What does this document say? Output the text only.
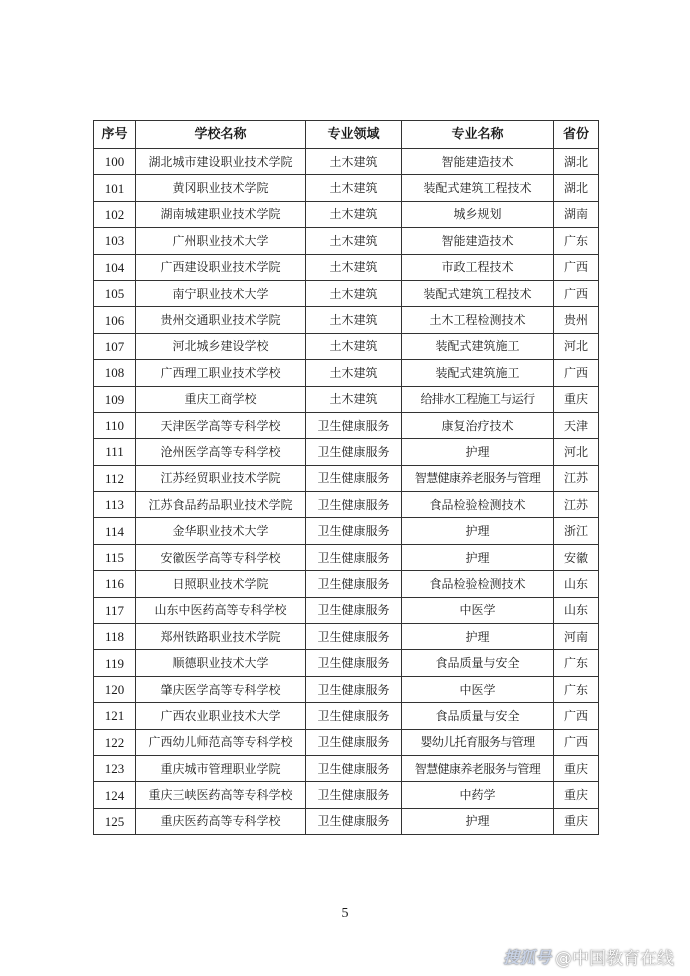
序号	学校名称	专业领域	专业名称	省份
100	湖北城市建设职业技术学院	土木建筑	智能建造技术	湖北
101	黄冈职业技术学院	土木建筑	装配式建筑工程技术	湖北
102	湖南城建职业技术学院	土木建筑	城乡规划	湖南
103	广州职业技术大学	土木建筑	智能建造技术	广东
104	广西建设职业技术学院	土木建筑	市政工程技术	广西
105	南宁职业技术大学	土木建筑	装配式建筑工程技术	广西
106	贵州交通职业技术学院	土木建筑	土木工程检测技术	贵州
107	河北城乡建设学校	土木建筑	装配式建筑施工	河北
108	广西理工职业技术学校	土木建筑	装配式建筑施工	广西
109	重庆工商学校	土木建筑	给排水工程施工与运行	重庆
110	天津医学高等专科学校	卫生健康服务	康复治疗技术	天津
111	沧州医学高等专科学校	卫生健康服务	护理	河北
112	江苏经贸职业技术学院	卫生健康服务	智慧健康养老服务与管理	江苏
113	江苏食品药品职业技术学院	卫生健康服务	食品检验检测技术	江苏
114	金华职业技术大学	卫生健康服务	护理	浙江
115	安徽医学高等专科学校	卫生健康服务	护理	安徽
116	日照职业技术学院	卫生健康服务	食品检验检测技术	山东
117	山东中医药高等专科学校	卫生健康服务	中医学	山东
118	郑州铁路职业技术学院	卫生健康服务	护理	河南
119	顺德职业技术大学	卫生健康服务	食品质量与安全	广东
120	肇庆医学高等专科学校	卫生健康服务	中医学	广东
121	广西农业职业技术大学	卫生健康服务	食品质量与安全	广西
122	广西幼儿师范高等专科学校	卫生健康服务	婴幼儿托育服务与管理	广西
123	重庆城市管理职业学院	卫生健康服务	智慧健康养老服务与管理	重庆
124	重庆三峡医药高等专科学校	卫生健康服务	中药学	重庆
125	重庆医药高等专科学校	卫生健康服务	护理	重庆
5
搜狐号 @中国教育在线
